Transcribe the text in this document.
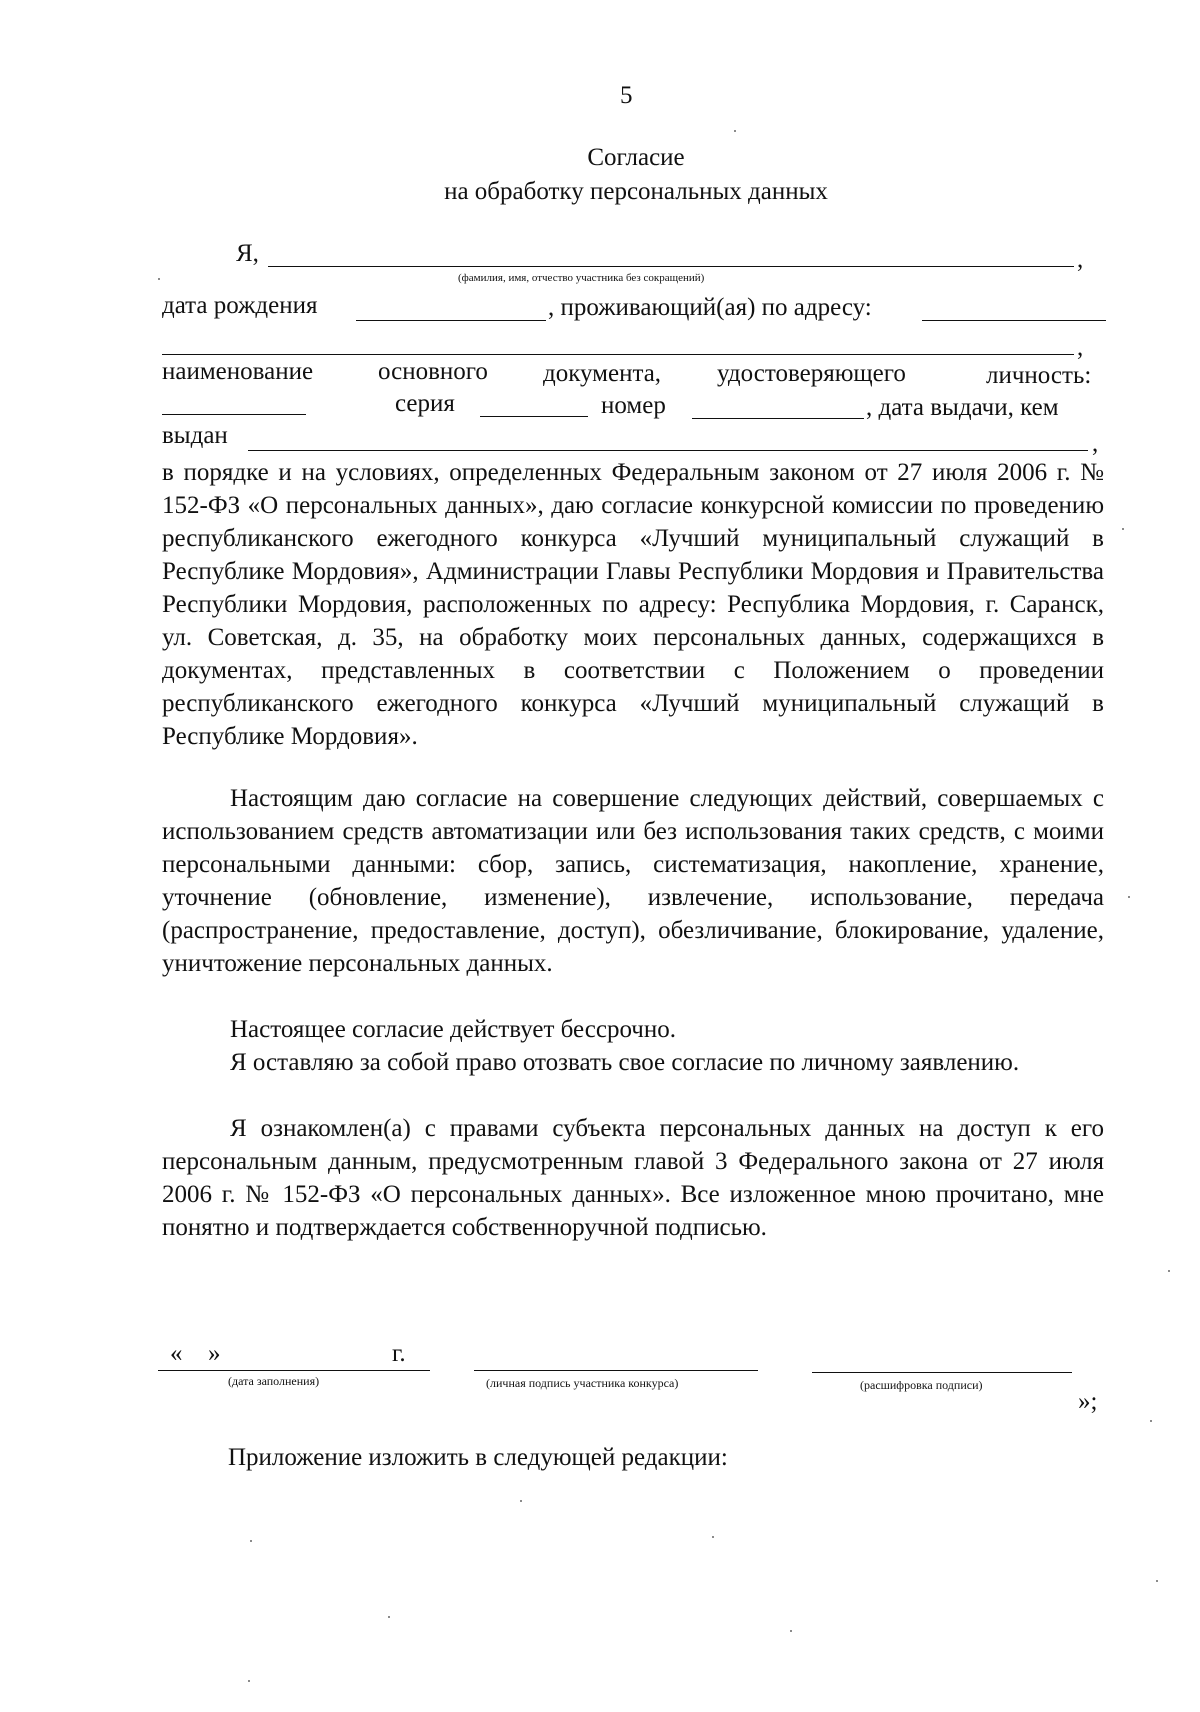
5
Согласие
на обработку персональных данных
Я,	,
(фамилия, имя, отчество участника без сокращений)
дата рождения	, проживающий(ая) по адресу:
,
наименование	основного документа, удостоверяющего	личность:
серия	номер	, дата выдачи, кем
выдан	,
в порядке и на условиях, определенных Федеральным законом от 27 июля 2006 г. № 152-ФЗ «О персональных данных», даю согласие конкурсной комиссии по проведению республиканского ежегодного конкурса «Лучший муниципальный служащий в Республике Мордовия», Администрации Главы Республики Мордовия и Правительства Республики Мордовия, расположенных по адресу: Республика Мордовия, г. Саранск, ул. Советская, д. 35, на обработку моих персональных данных, содержащихся в документах, представленных в соответствии с Положением о проведении республиканского ежегодного конкурса «Лучший муниципальный служащий в Республике Мордовия».
Настоящим даю согласие на совершение следующих действий, совершаемых с использованием средств автоматизации или без использования таких средств, с моими персональными данными: сбор, запись, систематизация, накопление, хранение, уточнение (обновление, изменение), извлечение, использование, передача (распространение, предоставление, доступ), обезличивание, блокирование, удаление, уничтожение персональных данных.
Настоящее согласие действует бессрочно.
Я оставляю за собой право отозвать свое согласие по личному заявлению.
Я ознакомлен(а) с правами субъекта персональных данных на доступ к его персональным данным, предусмотренным главой 3 Федерального закона от 27 июля 2006 г. № 152-ФЗ «О персональных данных». Все изложенное мною прочитано, мне понятно и подтверждается собственноручной подписью.
« »	г.
(дата заполнения)	(личная подпись участника конкурса)	(расшифровка подписи)
»;
Приложение изложить в следующей редакции:
